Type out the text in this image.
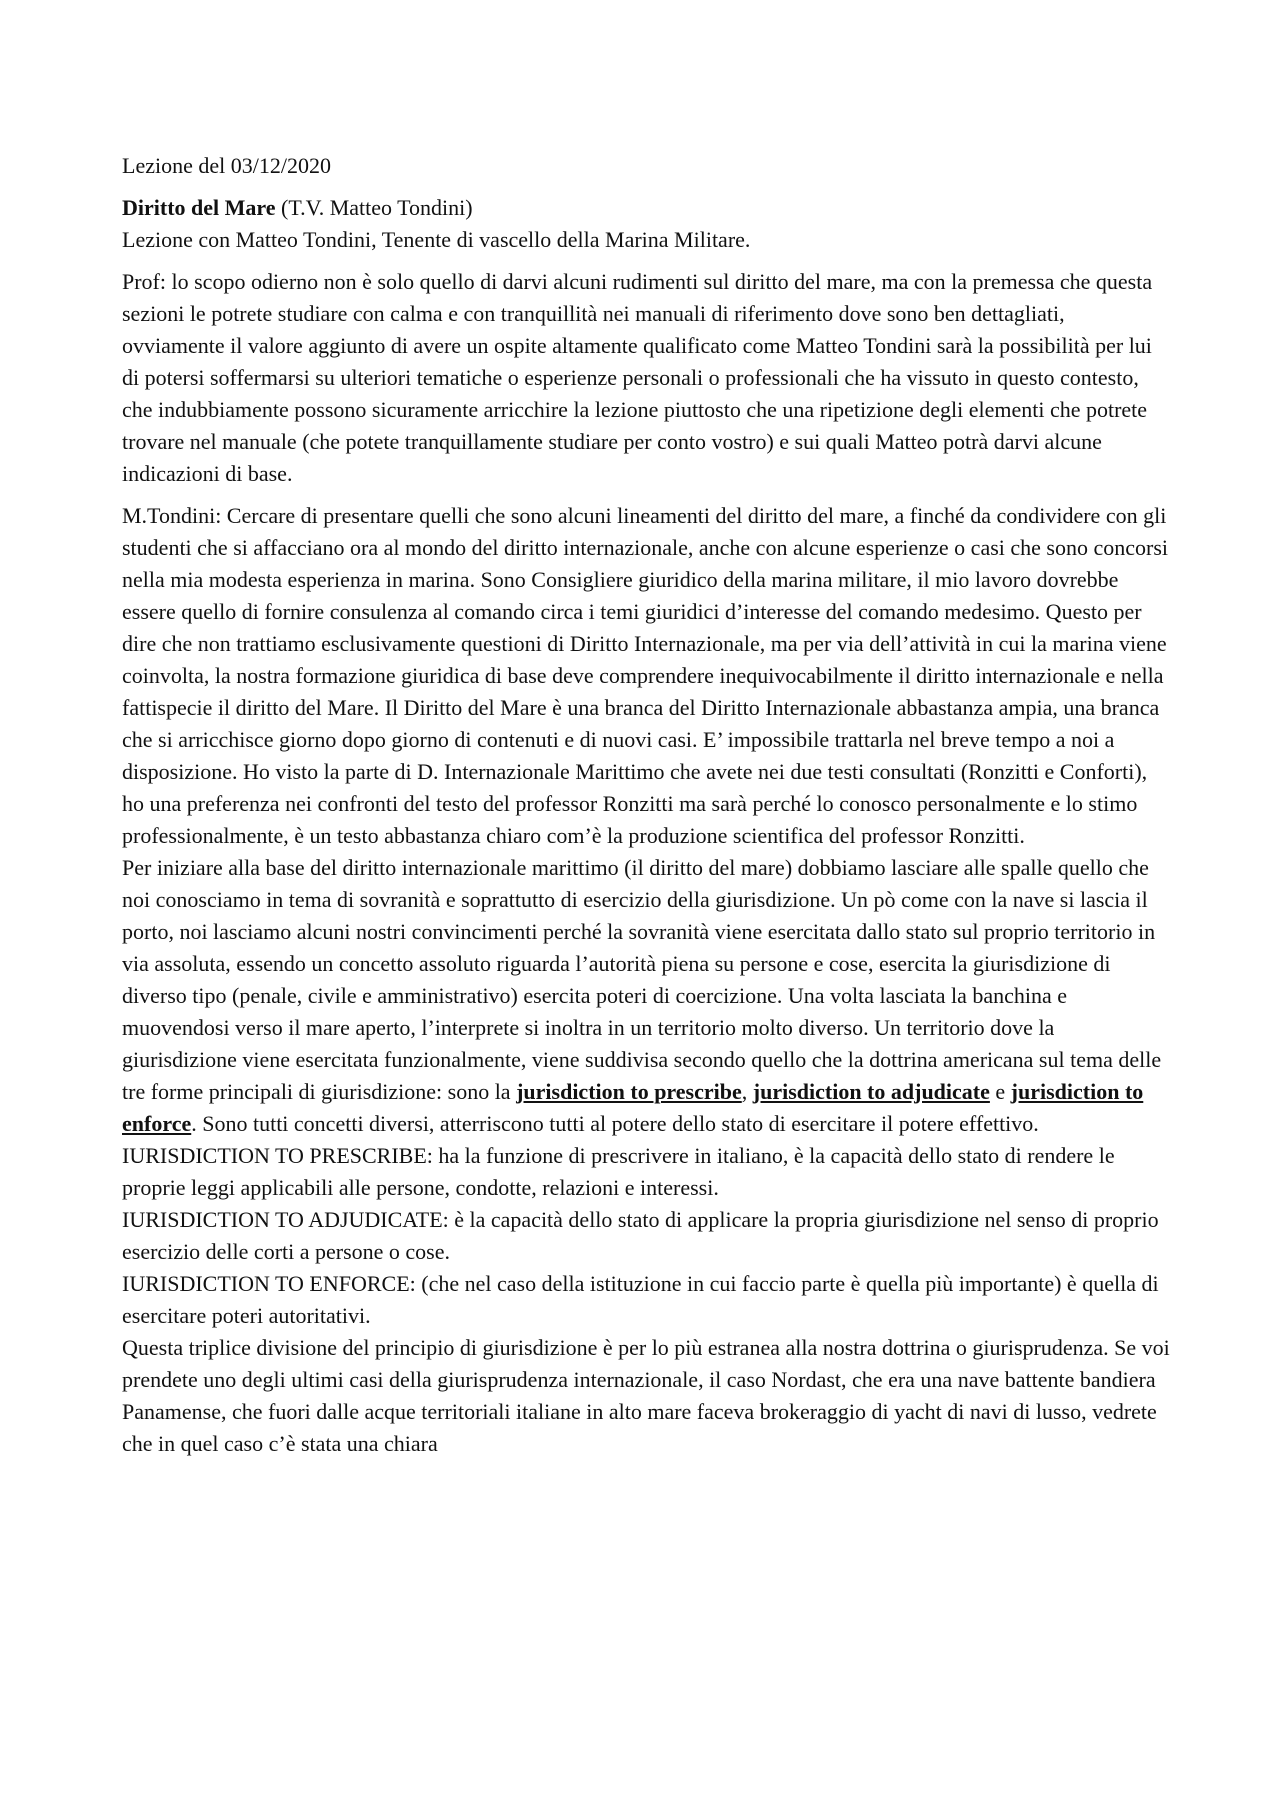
Lezione del 03/12/2020

Diritto del Mare (T.V. Matteo Tondini)

Lezione con Matteo Tondini, Tenente di vascello della Marina Militare.

Prof: lo scopo odierno non è solo quello di darvi alcuni rudimenti sul diritto del mare, ma con la premessa che questa sezioni le potrete studiare con calma e con tranquillità nei manuali di riferimento dove sono ben dettagliati, ovviamente il valore aggiunto di avere un ospite altamente qualificato come Matteo Tondini sarà la possibilità per lui di potersi soffermarsi su ulteriori tematiche o esperienze personali o professionali che ha vissuto in questo contesto, che indubbiamente possono sicuramente arricchire la lezione piuttosto che una ripetizione degli elementi che potrete trovare nel manuale (che potete tranquillamente studiare per conto vostro) e sui quali Matteo potrà darvi alcune indicazioni di base.

M.Tondini: Cercare di presentare quelli che sono alcuni lineamenti del diritto del mare, a finché da condividere con gli studenti che si affacciano ora al mondo del diritto internazionale, anche con alcune esperienze o casi che sono concorsi nella mia modesta esperienza in marina. Sono Consigliere giuridico della marina militare, il mio lavoro dovrebbe essere quello di fornire consulenza al comando circa i temi giuridici d’interesse del comando medesimo. Questo per dire che non trattiamo esclusivamente questioni di Diritto Internazionale, ma per via dell’attività in cui la marina viene coinvolta, la nostra formazione giuridica di base deve comprendere inequivocabilmente il diritto internazionale e nella fattispecie il diritto del Mare. Il Diritto del Mare è una branca del Diritto Internazionale abbastanza ampia, una branca che si arricchisce giorno dopo giorno di contenuti e di nuovi casi. E’ impossibile trattarla nel breve tempo a noi a disposizione. Ho visto la parte di D. Internazionale Marittimo che avete nei due testi consultati (Ronzitti e Conforti), ho una preferenza nei confronti del testo del professor Ronzitti ma sarà perché lo conosco personalmente e lo stimo professionalmente, è un testo abbastanza chiaro com’è la produzione scientifica del professor Ronzitti.

Per iniziare alla base del diritto internazionale marittimo (il diritto del mare) dobbiamo lasciare alle spalle quello che noi conosciamo in tema di sovranità e soprattutto di esercizio della giurisdizione. Un pò come con la nave si lascia il porto, noi lasciamo alcuni nostri convincimenti perché la sovranità viene esercitata dallo stato sul proprio territorio in via assoluta, essendo un concetto assoluto riguarda l’autorità piena su persone e cose, esercita la giurisdizione di diverso tipo (penale, civile e amministrativo) esercita poteri di coercizione. Una volta lasciata la banchina e muovendosi verso il mare aperto, l’interprete si inoltra in un territorio molto diverso. Un territorio dove la giurisdizione viene esercitata funzionalmente, viene suddivisa secondo quello che la dottrina americana sul tema delle tre forme principali di giurisdizione: sono la jurisdiction to prescribe, jurisdiction to adjudicate e jurisdiction to enforce. Sono tutti concetti diversi, atterriscono tutti al potere dello stato di esercitare il potere effettivo.

IURISDICTION TO PRESCRIBE: ha la funzione di prescrivere in italiano, è la capacità dello stato di rendere le proprie leggi applicabili alle persone, condotte, relazioni e interessi.

IURISDICTION TO ADJUDICATE: è la capacità dello stato di applicare la propria giurisdizione nel senso di proprio esercizio delle corti a persone o cose.

IURISDICTION TO ENFORCE: (che nel caso della istituzione in cui faccio parte è quella più importante) è quella di esercitare poteri autoritativi.

Questa triplice divisione del principio di giurisdizione è per lo più estranea alla nostra dottrina o giurisprudenza. Se voi prendete uno degli ultimi casi della giurisprudenza internazionale, il caso Nordast, che era una nave battente bandiera Panamense, che fuori dalle acque territoriali italiane in alto mare faceva brokeraggio di yacht di navi di lusso, vedrete che in quel caso c’è stata una chiara
